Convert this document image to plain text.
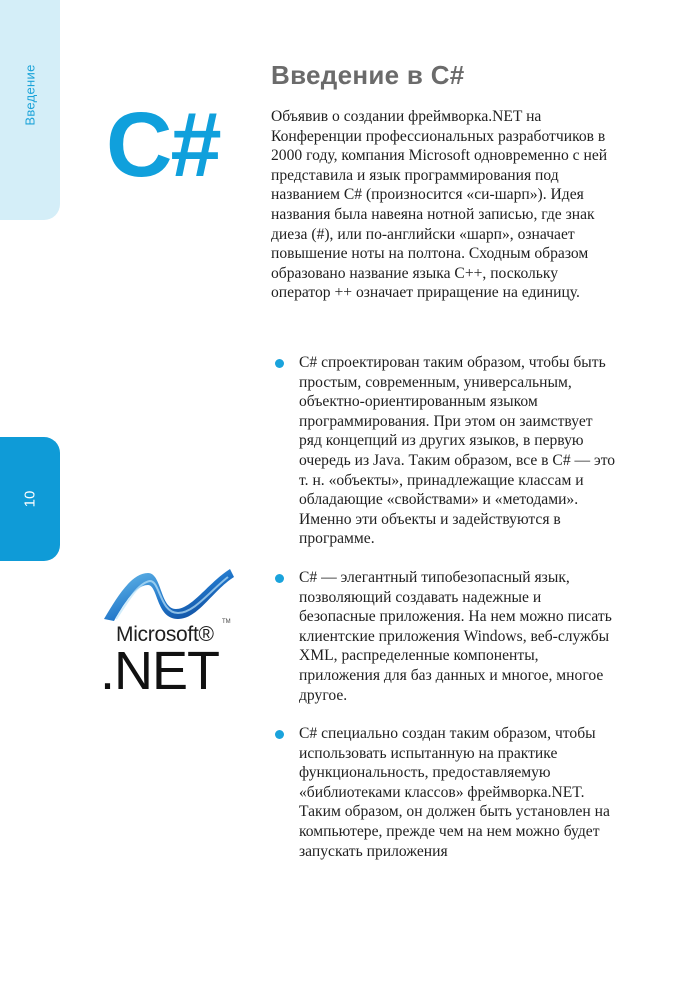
Введение
10
C#
Введение в C#

Объявив о создании фреймворка.NET на Конференции профессиональных разработчиков в 2000 году, компания Microsoft одновременно с ней представила и язык программирования под названием C# (произносится «си-шарп»). Идея названия была навеяна нотной записью, где знак диеза (#), или по-английски «шарп», означает повышение ноты на полтона. Сходным образом образовано название языка C++, поскольку оператор ++ означает приращение на единицу.

C# спроектирован таким образом, чтобы быть простым, современным, универсальным, объектно-ориентированным языком программирования. При этом он заимствует ряд концепций из других языков, в первую очередь из Java. Таким образом, все в C# — это т. н. «объекты», принадлежащие классам и обладающие «свойствами» и «методами». Именно эти объекты и задействуются в программе.
C# — элегантный типобезопасный язык, позволяющий создавать надежные и безопасные приложения. На нем можно писать клиентские приложения Windows, веб-службы XML, распределенные компоненты, приложения для баз данных и многое, многое другое.
C# специально создан таким образом, чтобы использовать испытанную на практике функциональность, предоставляемую «библиотеками классов» фреймворка.NET. Таким образом, он должен быть установлен на компьютере, прежде чем на нем можно будет запускать приложения
TM
Microsoft®
.NET
